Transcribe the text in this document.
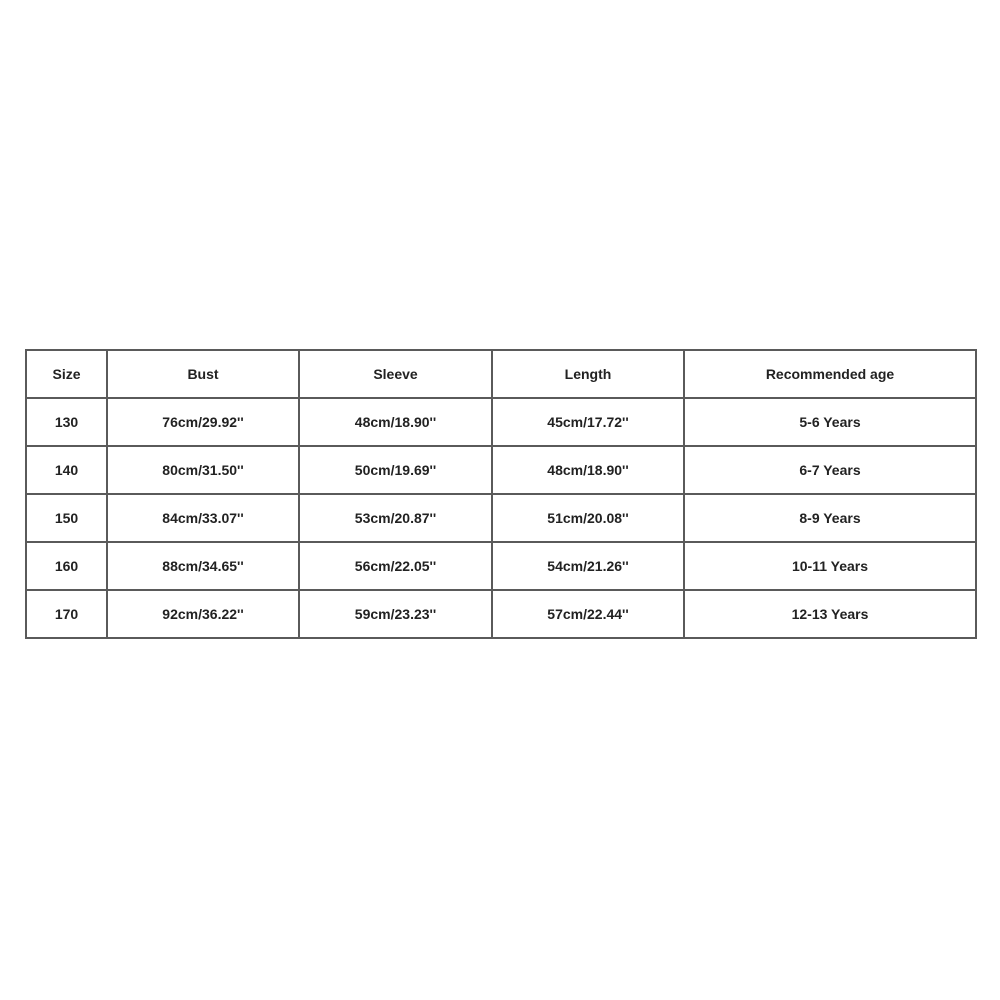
Size	Bust	Sleeve	Length	Recommended age
130	76cm/29.92''	48cm/18.90''	45cm/17.72''	5-6 Years
140	80cm/31.50''	50cm/19.69''	48cm/18.90''	6-7 Years
150	84cm/33.07''	53cm/20.87''	51cm/20.08''	8-9 Years
160	88cm/34.65''	56cm/22.05''	54cm/21.26''	10-11 Years
170	92cm/36.22''	59cm/23.23''	57cm/22.44''	12-13 Years
